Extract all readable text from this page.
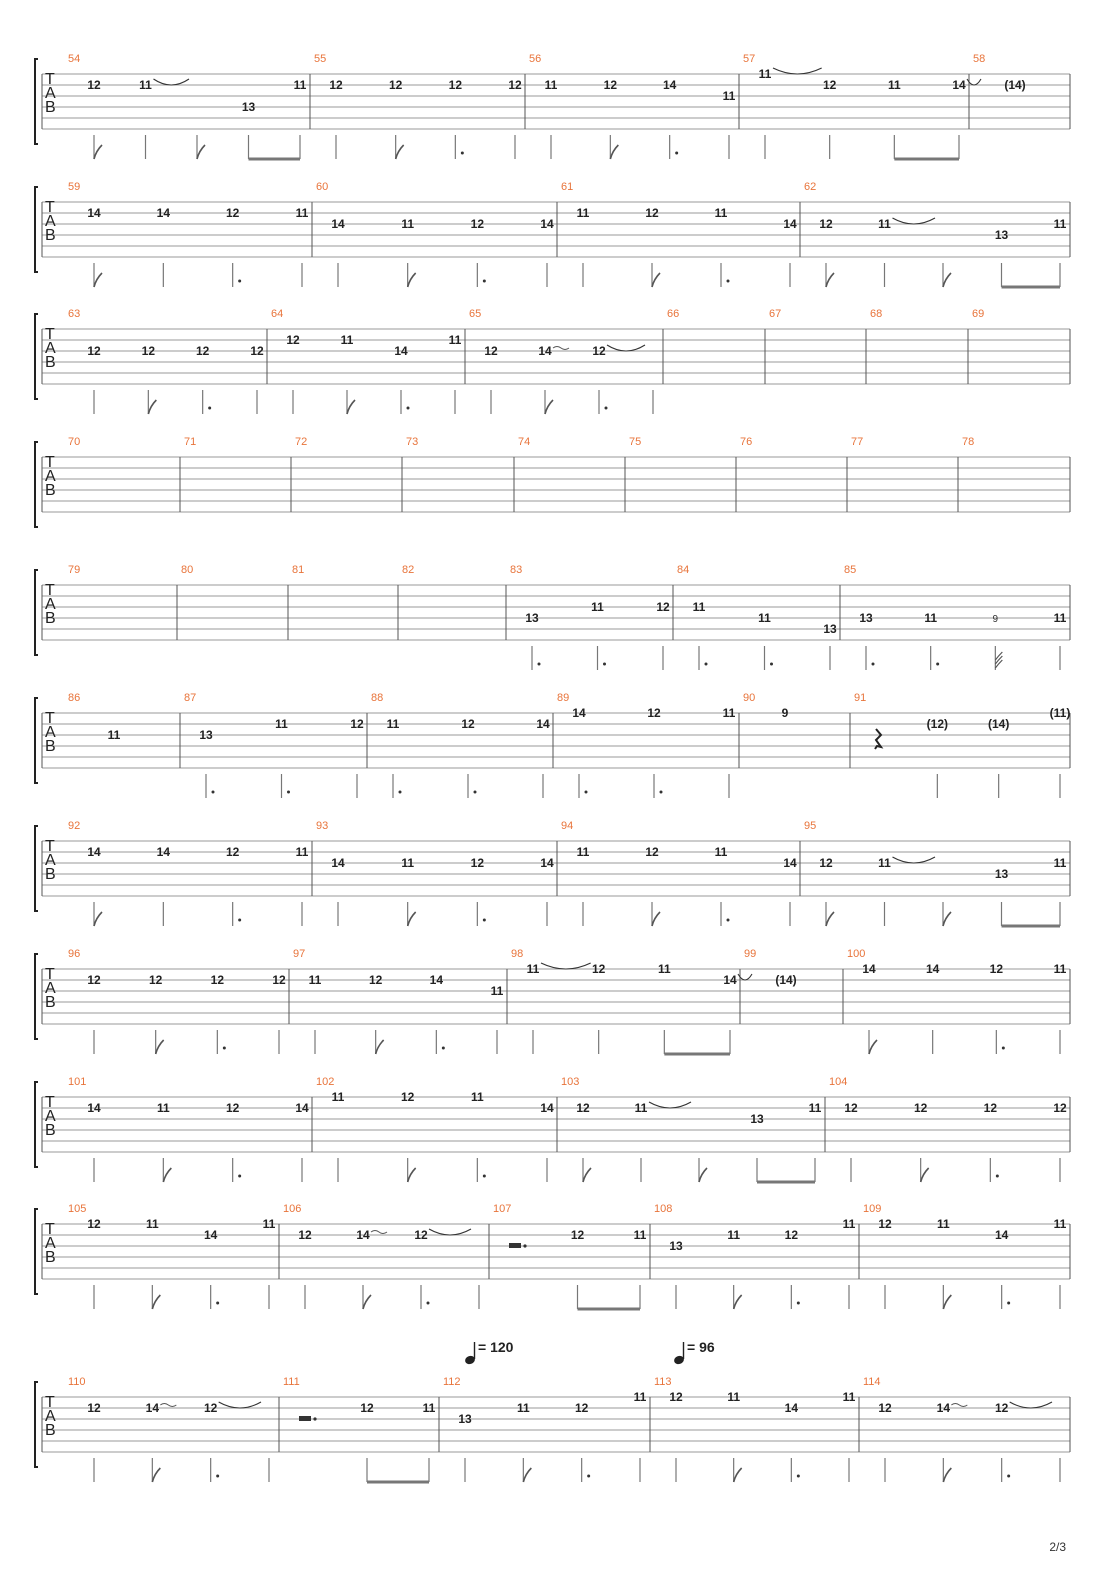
T
A
B
54
12	11
13
11
55
12	12	12	12
56
11	12	14
11
57
11
12	11	14
58
(14)
T
A
B
59
14	14	12	11
60
14	11	12	14
61
11	12	11
14
62
12	11
13
11
T
A
B
63
12	12	12	12
64
12	11
14
11
65
12	14	12
66	67	68	69
T
A
B
70	71	72	73	74	75	76	77	78
T
A
B
79	80	81	82	83
13
11	12
84
11
11
13
85
13	11	9	11
T
A
B
86
11
87
13
11	12
88
11	12	14
89
14	12	11
90
9
91
(12)	(14)
(11)
T
A
B
92
14	14	12	11
93
14	11	12	14
94
11	12	11
14
95
12	11
13
11
T
A
B
96
12	12	12	12
97
11	12	14
11
98
11	12	11
14
99
(14)
100
14	14	12	11
T
A
B
101
14	11	12	14
102
11	12	11
14
103
12	11
13
11
104
12	12	12	12
T
A
B
105
12	11
14
11
106
12	14	12
107
12	11
108
13
11	12
11
109
12	11
14
11
T
A
B
110
12	14	12
111
12	11
112
13
11	12
11
113
12	11
14
11
114
12	14	12
= 120	= 96
2/3
